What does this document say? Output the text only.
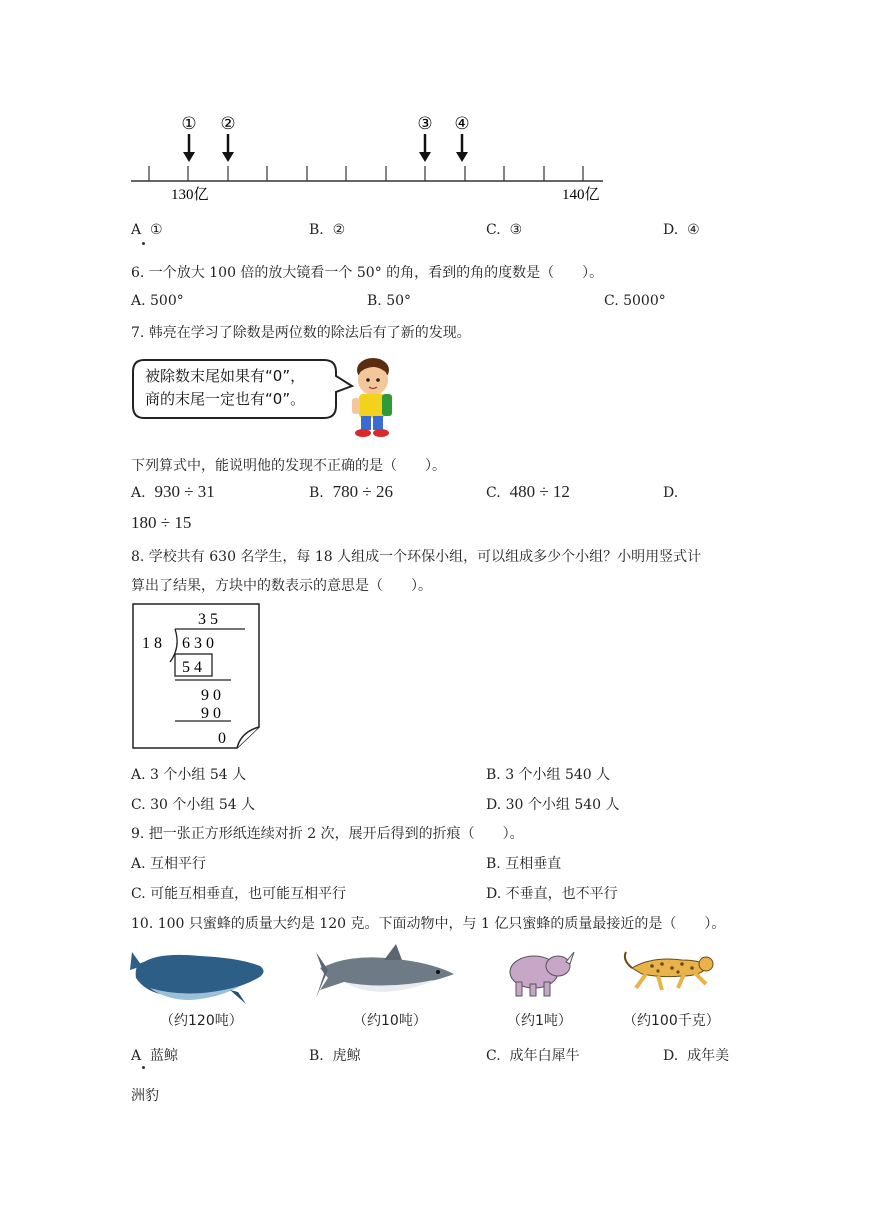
① ②	③ ④
130亿	140亿
A ①	B. ②	C. ③	D. ④
6. 一个放大 100 倍的放大镜看一个 50° 的角，看到的角的度数是（　　）。
A. 500°	B. 50°	C. 5000°
7. 韩亮在学习了除数是两位数的除法后有了新的发现。
被除数末尾如果有“0”，
商的末尾一定也有“0”。
下列算式中，能说明他的发现不正确的是（　　）。
A. 930 ÷ 31	B. 780 ÷ 26	C. 480 ÷ 12	D.
180 ÷ 15
8. 学校共有 630 名学生，每 18 人组成一个环保小组，可以组成多少个小组？小明用竖式计
算出了结果，方块中的数表示的意思是（　　）。
3 5
1 8 6 3 0
5 4
9 0
9 0
0
A. 3 个小组 54 人	B. 3 个小组 540 人
C. 30 个小组 54 人	D. 30 个小组 540 人
9. 把一张正方形纸连续对折 2 次，展开后得到的折痕（　　）。
A. 互相平行	B. 互相垂直
C. 可能互相垂直，也可能互相平行	D. 不垂直，也不平行
10. 100 只蜜蜂的质量大约是 120 克。下面动物中，与 1 亿只蜜蜂的质量最接近的是（　　）。
（约120吨）	（约10吨）	（约1吨）	（约100千克）
A 蓝鲸	B. 虎鲸	C. 成年白犀牛	D. 成年美
洲豹
